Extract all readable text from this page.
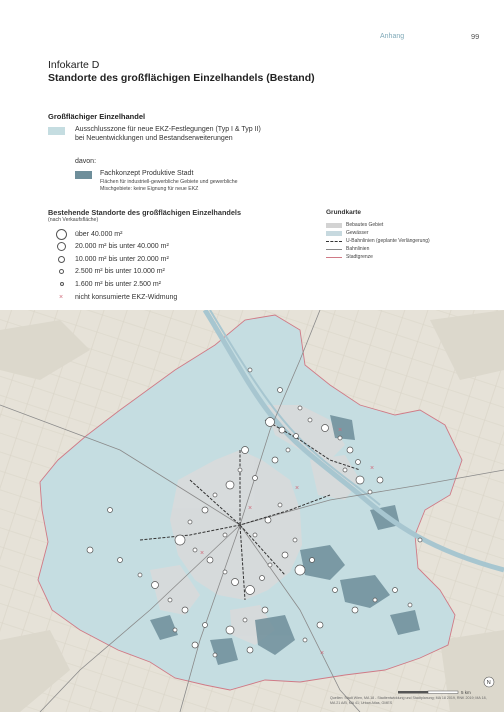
Anhang	99
Infokarte D
Standorte des großflächigen Einzelhandels (Bestand)
Großflächiger Einzelhandel
Ausschlusszone für neue EKZ-Festlegungen (Typ I & Typ II) bei Neuentwicklungen und Bestandserweiterungen
davon:
Fachkonzept Produktive Stadt
Flächen für industriell-gewerbliche Gebiete und gewerbliche Mischgebiete: keine Eignung für neue EKZ
Bestehende Standorte des großflächigen Einzelhandels
(nach Verkaufsfläche)
über 40.000 m²
20.000 m² bis unter 40.000 m²
10.000 m² bis unter 20.000 m²
2.500 m² bis unter 10.000 m²
1.600 m² bis unter 2.500 m²
× nicht konsumierte EKZ-Widmung
Grundkarte
Bebautes Gebiet
Gewässer
U-Bahnlinien (geplante Verlängerung)
Bahnlinien
Stadtgrenze
×
×
×
×
×
×
5 km
N
Quellen: Stadt Wien, MA 18 - Stadtentwicklung und Stadtplanung; MA 18 2019, RNK 2019; MA 18, MA 21 A/B, MA 41; Urban Atlas, GMES
